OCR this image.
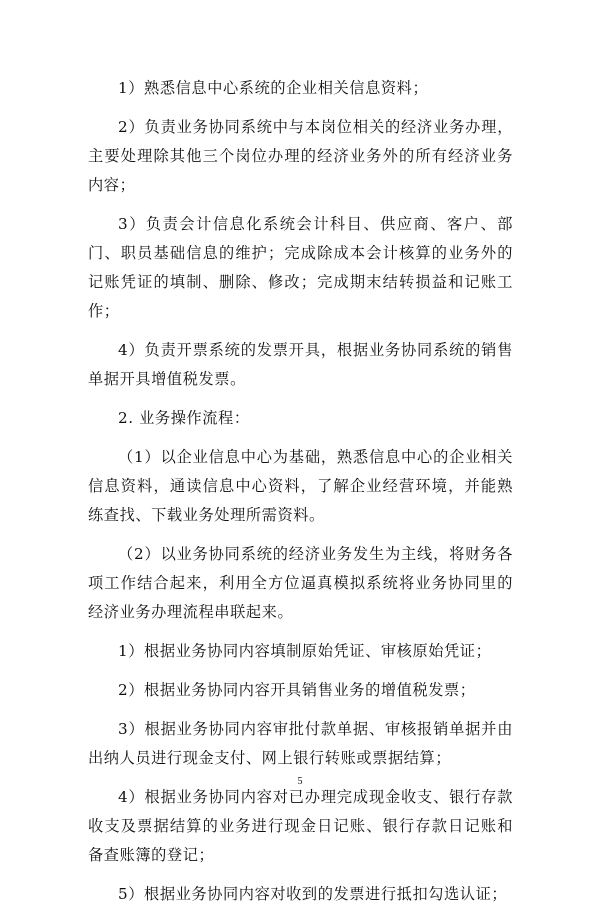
1）熟悉信息中心系统的企业相关信息资料；

2）负责业务协同系统中与本岗位相关的经济业务办理，主要处理除其他三个岗位办理的经济业务外的所有经济业务内容；

3）负责会计信息化系统会计科目、供应商、客户、部门、职员基础信息的维护；完成除成本会计核算的业务外的记账凭证的填制、删除、修改；完成期末结转损益和记账工作；

4）负责开票系统的发票开具，根据业务协同系统的销售单据开具增值税发票。

2. 业务操作流程：

（1）以企业信息中心为基础，熟悉信息中心的企业相关信息资料，通读信息中心资料，了解企业经营环境，并能熟练查找、下载业务处理所需资料。

（2）以业务协同系统的经济业务发生为主线，将财务各项工作结合起来，利用全方位逼真模拟系统将业务协同里的经济业务办理流程串联起来。

1）根据业务协同内容填制原始凭证、审核原始凭证；

2）根据业务协同内容开具销售业务的增值税发票；

3）根据业务协同内容审批付款单据、审核报销单据并由出纳人员进行现金支付、网上银行转账或票据结算；

4）根据业务协同内容对已办理完成现金收支、银行存款收支及票据结算的业务进行现金日记账、银行存款日记账和备查账簿的登记；

5）根据业务协同内容对收到的发票进行抵扣勾选认证；

5
